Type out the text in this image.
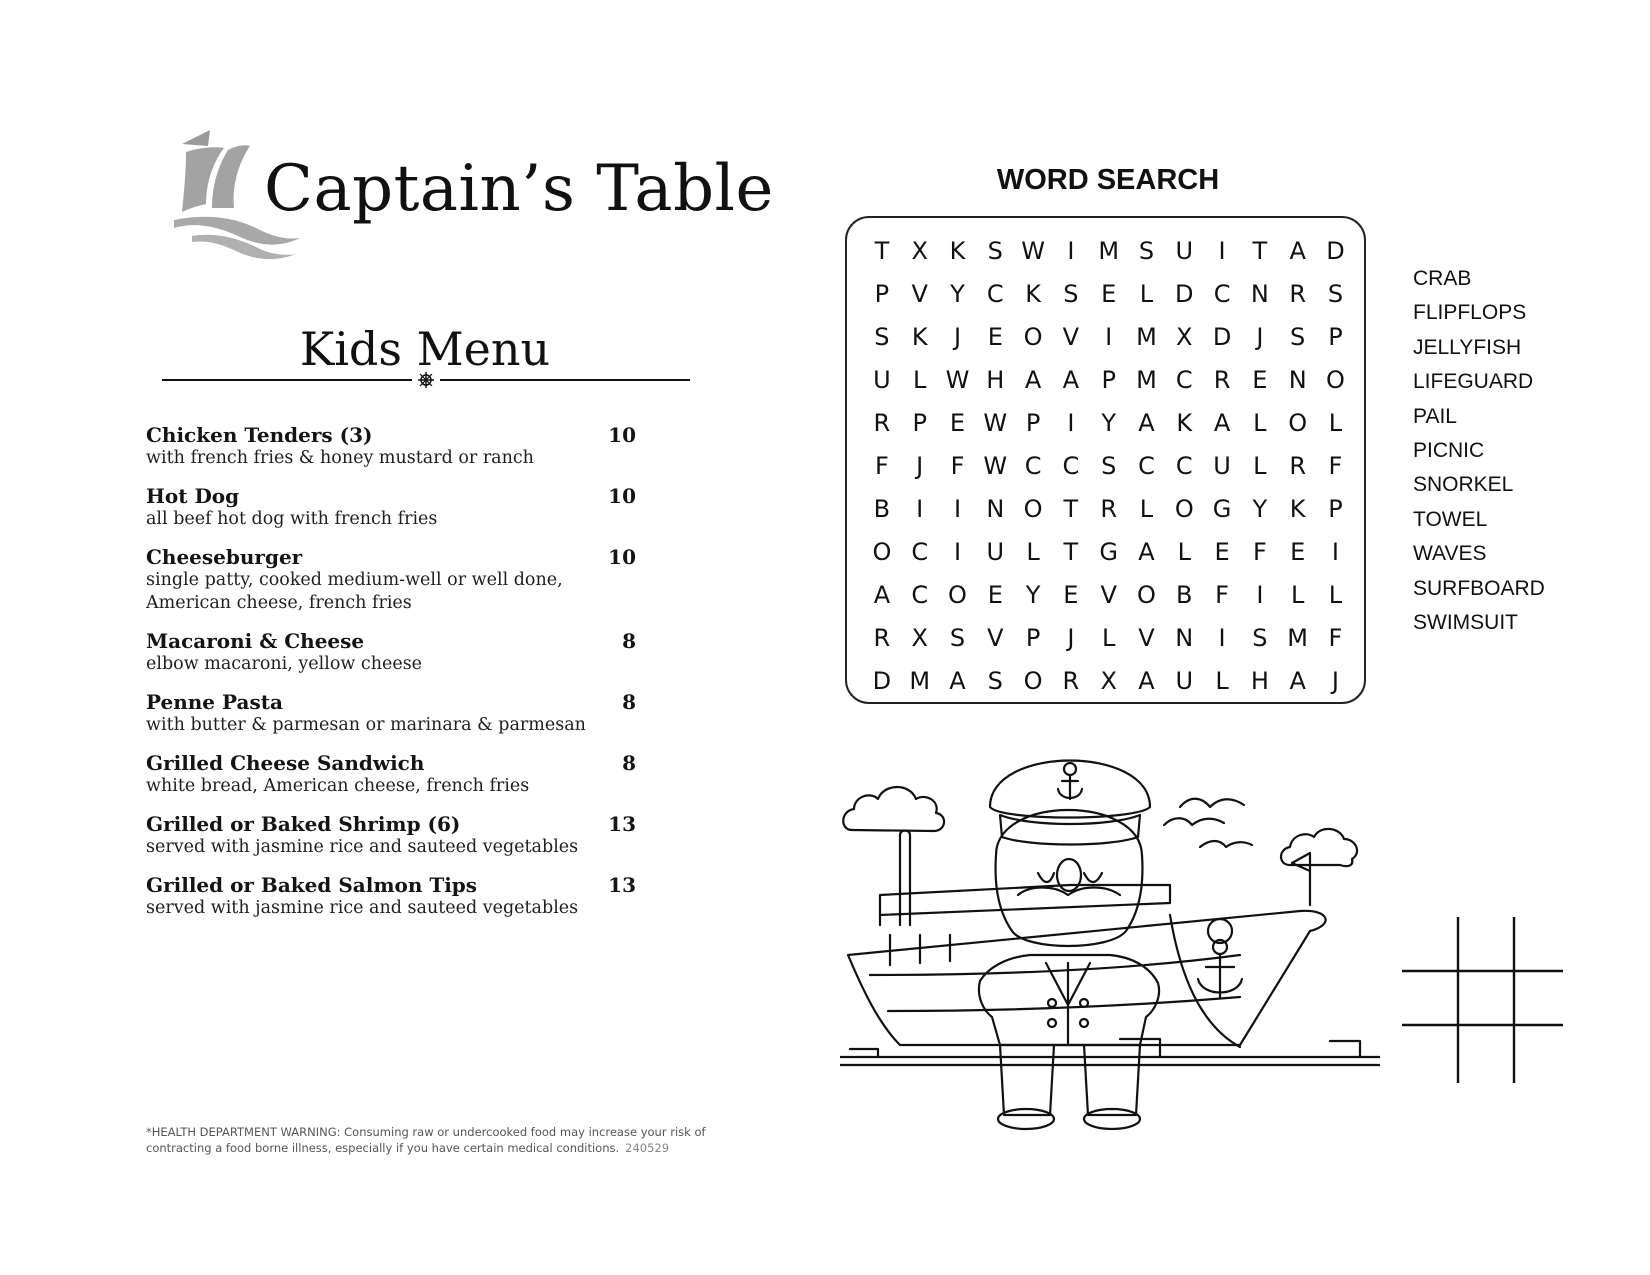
Captain’s Table
Kids Menu
Chicken Tenders (3)	10
with french fries & honey mustard or ranch
Hot Dog	10
all beef hot dog with french fries
Cheeseburger	10
single patty, cooked medium-well or well done, American cheese, french fries
Macaroni & Cheese	8
elbow macaroni, yellow cheese
Penne Pasta	8
with butter & parmesan or marinara & parmesan
Grilled Cheese Sandwich	8
white bread, American cheese, french fries
Grilled or Baked Shrimp (6)	13
served with jasmine rice and sauteed vegetables
Grilled or Baked Salmon Tips	13
served with jasmine rice and sauteed vegetables
*HEALTH DEPARTMENT WARNING: Consuming raw or undercooked food may increase your risk of contracting a food borne illness, especially if you have certain medical conditions. 240529
WORD SEARCH
T X K S W I M S U	I	T A D
P V Y C K S E L D C N R S
S K	J	E O V	I M X D	J	S P
U L W H A A P M C R E N O
R P E W P	I	Y A K A L O L
F	J	F W C C S C C U L R F
B	I	I	N O T R L O G Y K P
O C	I	U L T G A L E F E	I
A C O E Y E V O B F	I	L	L
R X S V P	J	L V N	I	S M F
D M A S O R X A U L H A	J
CRAB
FLIPFLOPS
JELLYFISH
LIFEGUARD
PAIL
PICNIC
SNORKEL
TOWEL
WAVES
SURFBOARD
SWIMSUIT
